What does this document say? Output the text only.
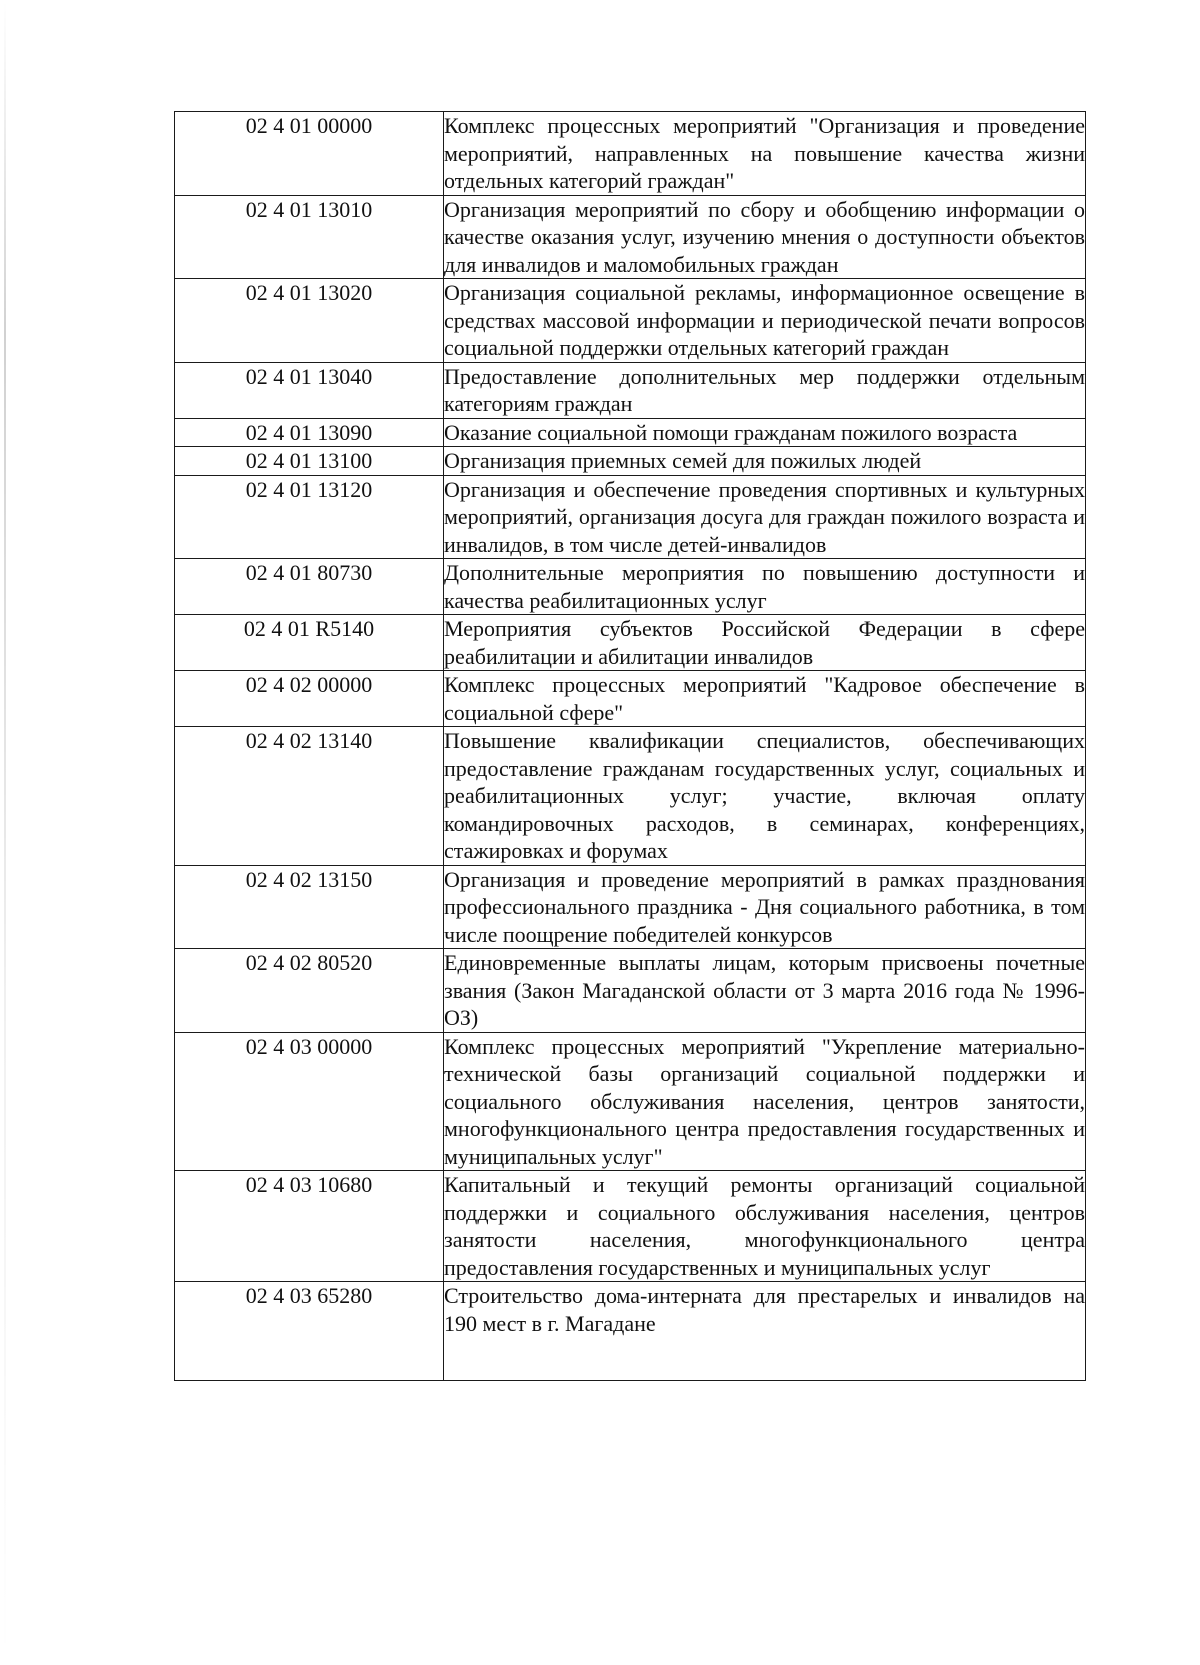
02 4 01 00000	Комплекс процессных мероприятий "Организация и проведение мероприятий, направленных на повышение качества жизни отдельных категорий граждан"
02 4 01 13010	Организация мероприятий по сбору и обобщению информации о качестве оказания услуг, изучению мнения о доступности объектов для инвалидов и маломобильных граждан
02 4 01 13020	Организация социальной рекламы, информационное освещение в средствах массовой информации и периодической печати вопросов социальной поддержки отдельных категорий граждан
02 4 01 13040	Предоставление дополнительных мер поддержки отдельным категориям граждан
02 4 01 13090	Оказание социальной помощи гражданам пожилого возраста
02 4 01 13100	Организация приемных семей для пожилых людей
02 4 01 13120	Организация и обеспечение проведения спортивных и культурных мероприятий, организация досуга для граждан пожилого возраста и инвалидов, в том числе детей-инвалидов
02 4 01 80730	Дополнительные мероприятия по повышению доступности и качества реабилитационных услуг
02 4 01 R5140	Мероприятия субъектов Российской Федерации в сфере реабилитации и абилитации инвалидов
02 4 02 00000	Комплекс процессных мероприятий "Кадровое обеспечение в социальной сфере"
02 4 02 13140	Повышение квалификации специалистов, обеспечивающих предоставление гражданам государственных услуг, социальных и реабилитационных услуг; участие, включая оплату командировочных расходов, в семинарах, конференциях, стажировках и форумах
02 4 02 13150	Организация и проведение мероприятий в рамках празднования профессионального праздника - Дня социального работника, в том числе поощрение победителей конкурсов
02 4 02 80520	Единовременные выплаты лицам, которым присвоены почетные звания (Закон Магаданской области от 3 марта 2016 года № 1996-ОЗ)
02 4 03 00000	Комплекс процессных мероприятий "Укрепление материально-технической базы организаций социальной поддержки и социального обслуживания населения, центров занятости, многофункционального центра предоставления государственных и муниципальных услуг"
02 4 03 10680	Капитальный и текущий ремонты организаций социальной поддержки и социального обслуживания населения, центров занятости населения, многофункционального центра предоставления государственных и муниципальных услуг
02 4 03 65280	Строительство дома-интерната для престарелых и инвалидов на 190 мест в г. Магадане
